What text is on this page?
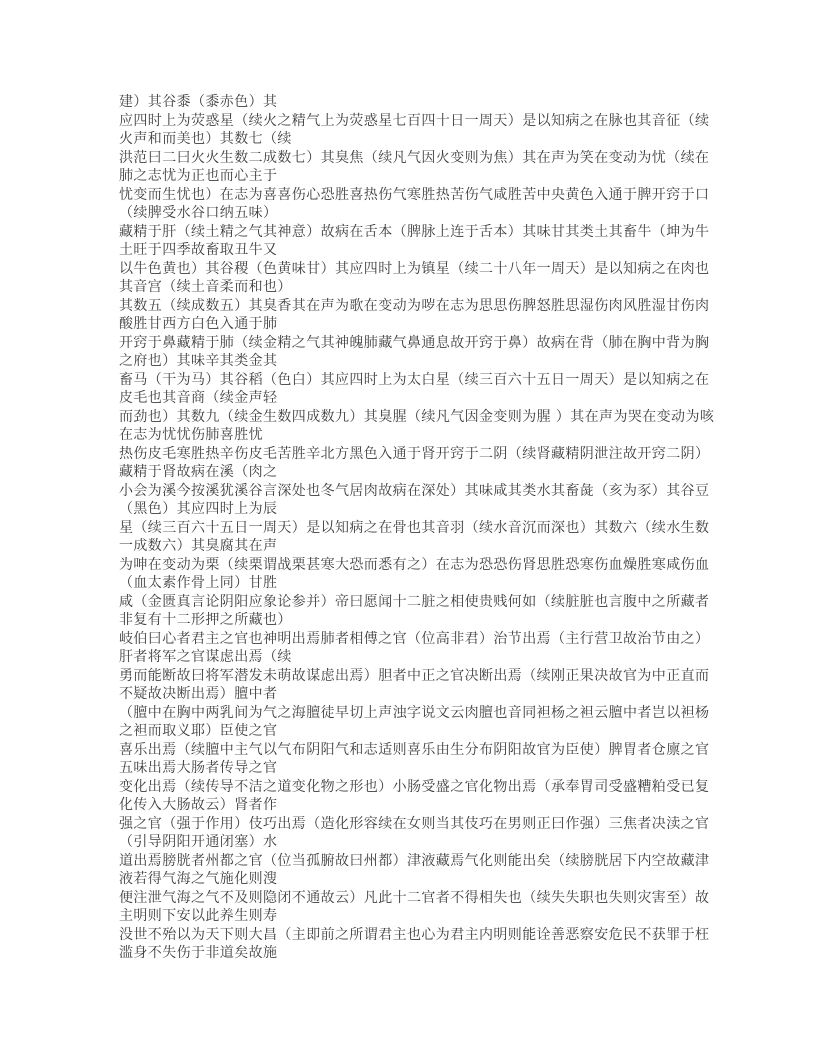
建）其谷黍（黍赤色）其
应四时上为荧惑星（续火之精气上为荧惑星七百四十日一周天）是以知病之在脉也其音征（续
火声和而美也）其数七（续
洪范曰二曰火火生数二成数七）其臭焦（续凡气因火变则为焦）其在声为笑在变动为忧（续在
肺之志忧为正也而心主于
忧变而生忧也）在志为喜喜伤心恐胜喜热伤气寒胜热苦伤气咸胜苦中央黄色入通于脾开窍于口
（续脾受水谷口纳五味）
藏精于肝（续土精之气其神意）故病在舌本（脾脉上连于舌本）其味甘其类土其畜牛（坤为牛
土旺于四季故畜取丑牛又
以牛色黄也）其谷稷（色黄味甘）其应四时上为镇星（续二十八年一周天）是以知病之在肉也
其音宫（续土音柔而和也）
其数五（续成数五）其臭香其在声为歌在变动为哕在志为思思伤脾怒胜思湿伤肉风胜湿甘伤肉
酸胜甘西方白色入通于肺
开窍于鼻藏精于肺（续金精之气其神魄肺藏气鼻通息故开窍于鼻）故病在背（肺在胸中背为胸
之府也）其味辛其类金其
畜马（干为马）其谷稻（色白）其应四时上为太白星（续三百六十五日一周天）是以知病之在
皮毛也其音商（续金声轻
而劲也）其数九（续金生数四成数九）其臭腥（续凡气因金变则为腥 ）其在声为哭在变动为咳
在志为忧忧伤肺喜胜忧
热伤皮毛寒胜热辛伤皮毛苦胜辛北方黑色入通于肾开窍于二阴（续肾藏精阴泄注故开窍二阴）
藏精于肾故病在溪（肉之
小会为溪今按溪犹溪谷言深处也冬气居肉故病在深处）其味咸其类水其畜彘（亥为豕）其谷豆
（黑色）其应四时上为辰
星（续三百六十五日一周天）是以知病之在骨也其音羽（续水音沉而深也）其数六（续水生数
一成数六）其臭腐其在声
为呻在变动为栗（续栗谓战栗甚寒大恐而悉有之）在志为恐恐伤肾思胜恐寒伤血燥胜寒咸伤血
（血太素作骨上同）甘胜
咸（金匮真言论阴阳应象论参并）帝曰愿闻十二脏之相使贵贱何如（续脏脏也言腹中之所藏者
非复有十二形押之所藏也）
岐伯曰心者君主之官也神明出焉肺者相傅之官（位高非君）治节出焉（主行营卫故治节由之）
肝者将军之官谋虑出焉（续
勇而能断故曰将军潜发未萌故谋虑出焉）胆者中正之官决断出焉（续刚正果决故官为中正直而
不疑故决断出焉）膻中者
（膻中在胸中两乳间为气之海膻徒早切上声浊字说文云肉膻也音同袒杨之袒云膻中者岂以袒杨
之袒而取义耶）臣使之官
喜乐出焉（续膻中主气以气布阴阳气和志适则喜乐由生分布阴阳故官为臣使）脾胃者仓廪之官
五味出焉大肠者传导之官
变化出焉（续传导不洁之道变化物之形也）小肠受盛之官化物出焉（承奉胃司受盛糟粕受已复
化传入大肠故云）肾者作
强之官（强于作用）伎巧出焉（造化形容续在女则当其伎巧在男则正曰作强）三焦者决渎之官
（引导阴阳开通闭塞）水
道出焉膀胱者州都之官（位当孤腑故曰州都）津液藏焉气化则能出矣（续膀胱居下内空故藏津
液若得气海之气施化则溲
便注泄气海之气不及则隐闭不通故云）凡此十二官者不得相失也（续失失职也失则灾害至）故
主明则下安以此养生则寿
没世不殆以为天下则大昌（主即前之所谓君主也心为君主内明则能诠善恶察安危民不获罪于枉
滥身不失伤于非道矣故施
